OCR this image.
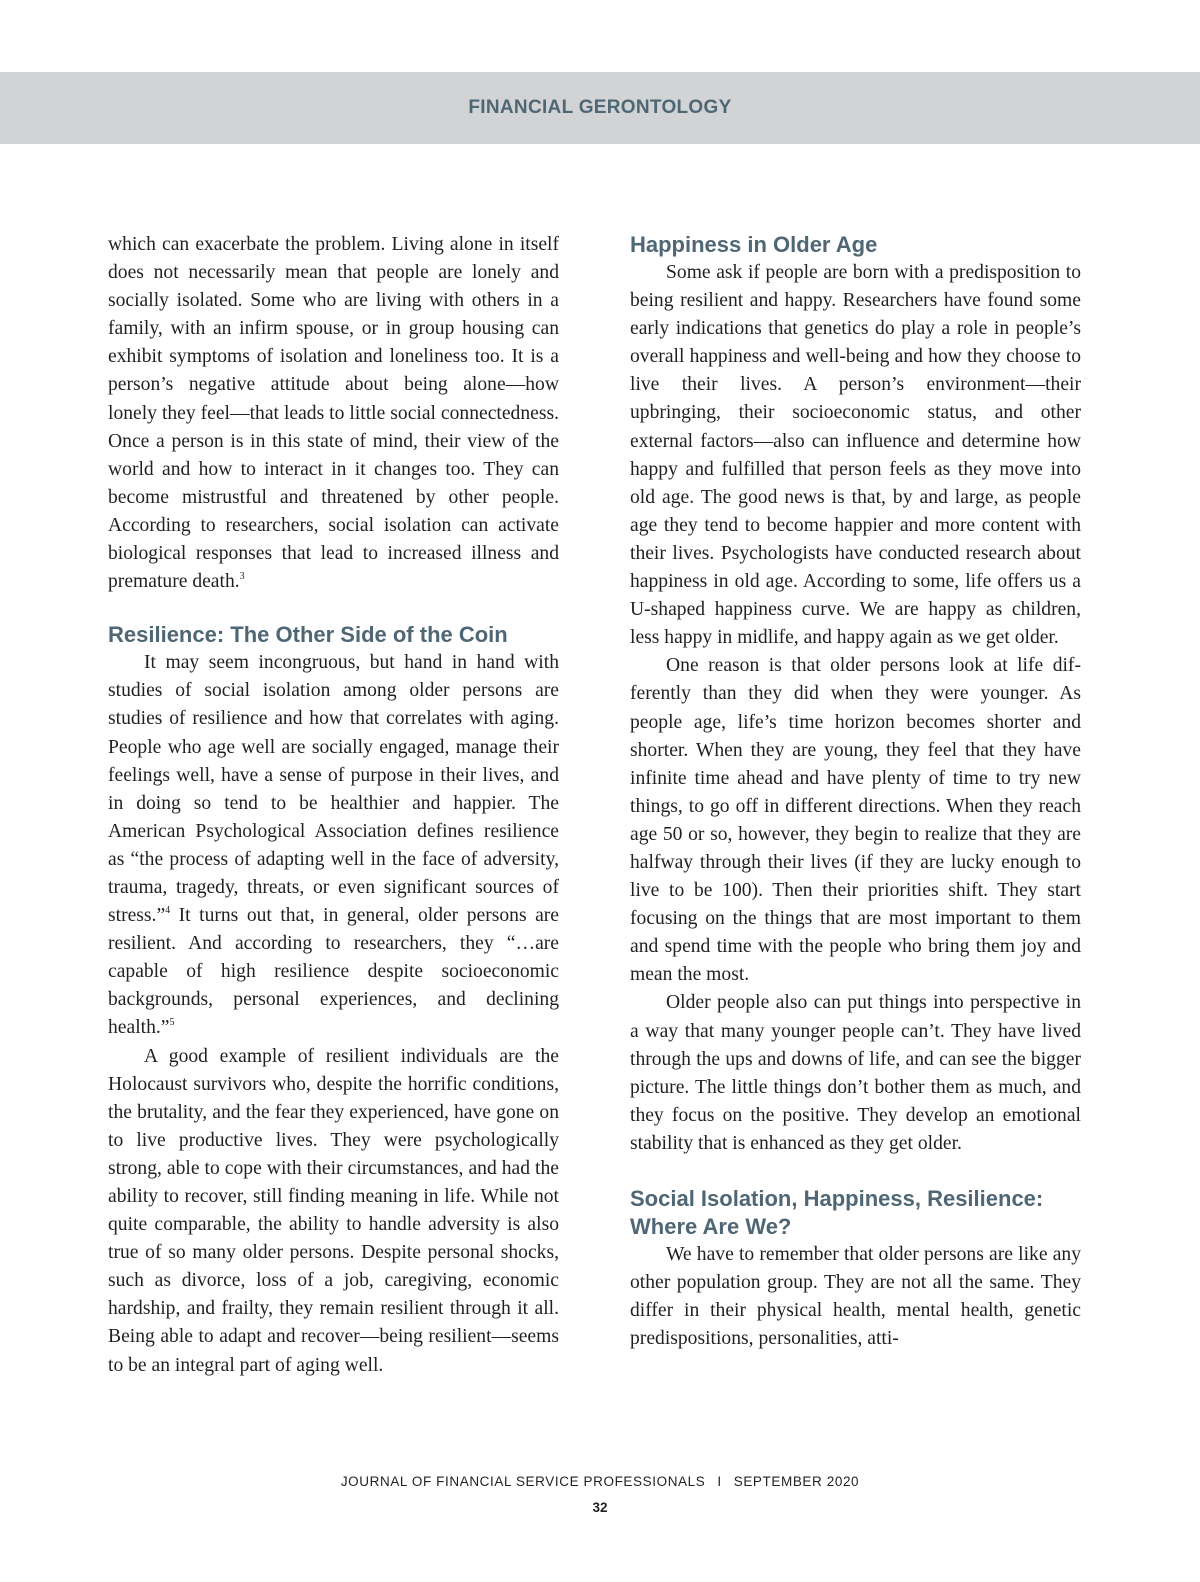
FINANCIAL GERONTOLOGY

which can exacerbate the problem. Living alone in itself does not necessarily mean that people are lonely and socially isolated. Some who are living with others in a family, with an infirm spouse, or in group housing can exhibit symptoms of isolation and loneliness too. It is a person’s negative attitude about being alone—how lonely they feel—that leads to little social connectedness. Once a person is in this state of mind, their view of the world and how to interact in it changes too. They can become mistrustful and threatened by other people. According to researchers, social isolation can activate biological responses that lead to increased illness and premature death.$^3$

Resilience: The Other Side of the Coin

It may seem incongruous, but hand in hand with studies of social isolation among older persons are studies of resilience and how that correlates with aging. People who age well are socially engaged, manage their feelings well, have a sense of purpose in their lives, and in doing so tend to be healthier and happier. The American Psychological Association defines resilience as “the process of adapting well in the face of adversity, trauma, tragedy, threats, or even significant sources of stress.”$^4$ It turns out that, in general, older persons are resilient. And according to researchers, they “…are capable of high resilience despite socioeconomic backgrounds, personal experiences, and declining health.”$^5$

A good example of resilient individuals are the Holocaust survivors who, despite the horrific conditions, the brutality, and the fear they experienced, have gone on to live productive lives. They were psychologically strong, able to cope with their circumstances, and had the ability to recover, still finding meaning in life. While not quite comparable, the ability to handle adversity is also true of so many older persons. Despite personal shocks, such as divorce, loss of a job, caregiving, economic hardship, and frailty, they remain resilient through it all. Being able to adapt and recover—being resilient—seems to be an integral part of aging well.

Happiness in Older Age

Some ask if people are born with a predisposition to being resilient and happy. Researchers have found some early indications that genetics do play a role in people’s overall happiness and well-being and how they choose to live their lives. A person’s environment—their upbringing, their socioeconomic status, and other external factors—also can influence and determine how happy and fulfilled that person feels as they move into old age. The good news is that, by and large, as people age they tend to become happier and more content with their lives. Psychologists have conducted research about happiness in old age. According to some, life offers us a U-shaped happiness curve. We are happy as children, less happy in midlife, and happy again as we get older.

One reason is that older persons look at life differently than they did when they were younger. As people age, life’s time horizon becomes shorter and shorter. When they are young, they feel that they have infinite time ahead and have plenty of time to try new things, to go off in different directions. When they reach age 50 or so, however, they begin to realize that they are halfway through their lives (if they are lucky enough to live to be 100). Then their priorities shift. They start focusing on the things that are most important to them and spend time with the people who bring them joy and mean the most.

Older people also can put things into perspective in a way that many younger people can’t. They have lived through the ups and downs of life, and can see the bigger picture. The little things don’t bother them as much, and they focus on the positive. They develop an emotional stability that is enhanced as they get older.

Social Isolation, Happiness, Resilience: Where Are We?

We have to remember that older persons are like any other population group. They are not all the same. They differ in their physical health, mental health, genetic predispositions, personalities, atti-

JOURNAL OF FINANCIAL SERVICE PROFESSIONALS I SEPTEMBER 2020
32
